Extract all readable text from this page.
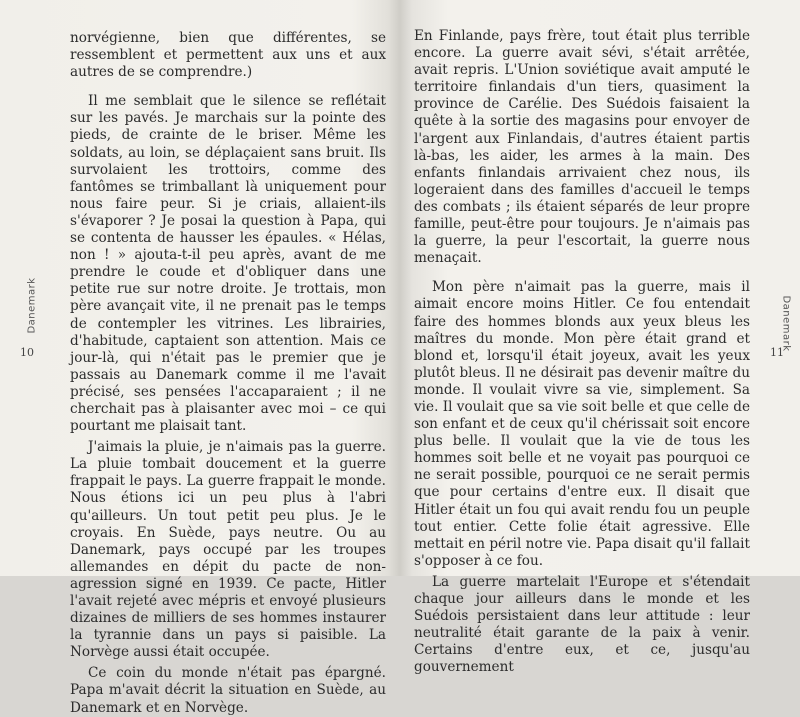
Danemark
10

norvégienne, bien que différentes, se ressemblent et permettent aux uns et aux autres de se comprendre.)

Il me semblait que le silence se reflétait sur les pavés. Je marchais sur la pointe des pieds, de crainte de le briser. Même les soldats, au loin, se déplaçaient sans bruit. Ils survolaient les trottoirs, comme des fantômes se trimballant là uniquement pour nous faire peur. Si je criais, allaient-ils s'évaporer ? Je posai la question à Papa, qui se contenta de hausser les épaules. « Hélas, non ! » ajouta-t-il peu après, avant de me prendre le coude et d'obliquer dans une petite rue sur notre droite. Je trottais, mon père avançait vite, il ne prenait pas le temps de contempler les vitrines. Les librairies, d'habitude, captaient son attention. Mais ce jour-là, qui n'était pas le premier que je passais au Danemark comme il me l'avait précisé, ses pensées l'accaparaient ; il ne cherchait pas à plaisanter avec moi – ce qui pourtant me plaisait tant.

J'aimais la pluie, je n'aimais pas la guerre. La pluie tombait doucement et la guerre frappait le pays. La guerre frappait le monde. Nous étions ici un peu plus à l'abri qu'ailleurs. Un tout petit peu plus. Je le croyais. En Suède, pays neutre. Ou au Danemark, pays occupé par les troupes allemandes en dépit du pacte de non-agression signé en 1939. Ce pacte, Hitler l'avait rejeté avec mépris et envoyé plusieurs dizaines de milliers de ses hommes instaurer la tyrannie dans un pays si paisible. La Norvège aussi était occupée.

Ce coin du monde n'était pas épargné. Papa m'avait décrit la situation en Suède, au Danemark et en Norvège.

Danemark
11

En Finlande, pays frère, tout était plus terrible encore. La guerre avait sévi, s'était arrêtée, avait repris. L'Union soviétique avait amputé le territoire finlandais d'un tiers, quasiment la province de Carélie. Des Suédois faisaient la quête à la sortie des magasins pour envoyer de l'argent aux Finlandais, d'autres étaient partis là-bas, les aider, les armes à la main. Des enfants finlandais arrivaient chez nous, ils logeraient dans des familles d'accueil le temps des combats ; ils étaient séparés de leur propre famille, peut-être pour toujours. Je n'aimais pas la guerre, la peur l'escortait, la guerre nous menaçait.

Mon père n'aimait pas la guerre, mais il aimait encore moins Hitler. Ce fou entendait faire des hommes blonds aux yeux bleus les maîtres du monde. Mon père était grand et blond et, lorsqu'il était joyeux, avait les yeux plutôt bleus. Il ne désirait pas devenir maître du monde. Il voulait vivre sa vie, simplement. Sa vie. Il voulait que sa vie soit belle et que celle de son enfant et de ceux qu'il chérissait soit encore plus belle. Il voulait que la vie de tous les hommes soit belle et ne voyait pas pourquoi ce ne serait possible, pourquoi ce ne serait permis que pour certains d'entre eux. Il disait que Hitler était un fou qui avait rendu fou un peuple tout entier. Cette folie était agressive. Elle mettait en péril notre vie. Papa disait qu'il fallait s'opposer à ce fou.

La guerre martelait l'Europe et s'étendait chaque jour ailleurs dans le monde et les Suédois persistaient dans leur attitude : leur neutralité était garante de la paix à venir. Certains d'entre eux, et ce, jusqu'au gouvernement
